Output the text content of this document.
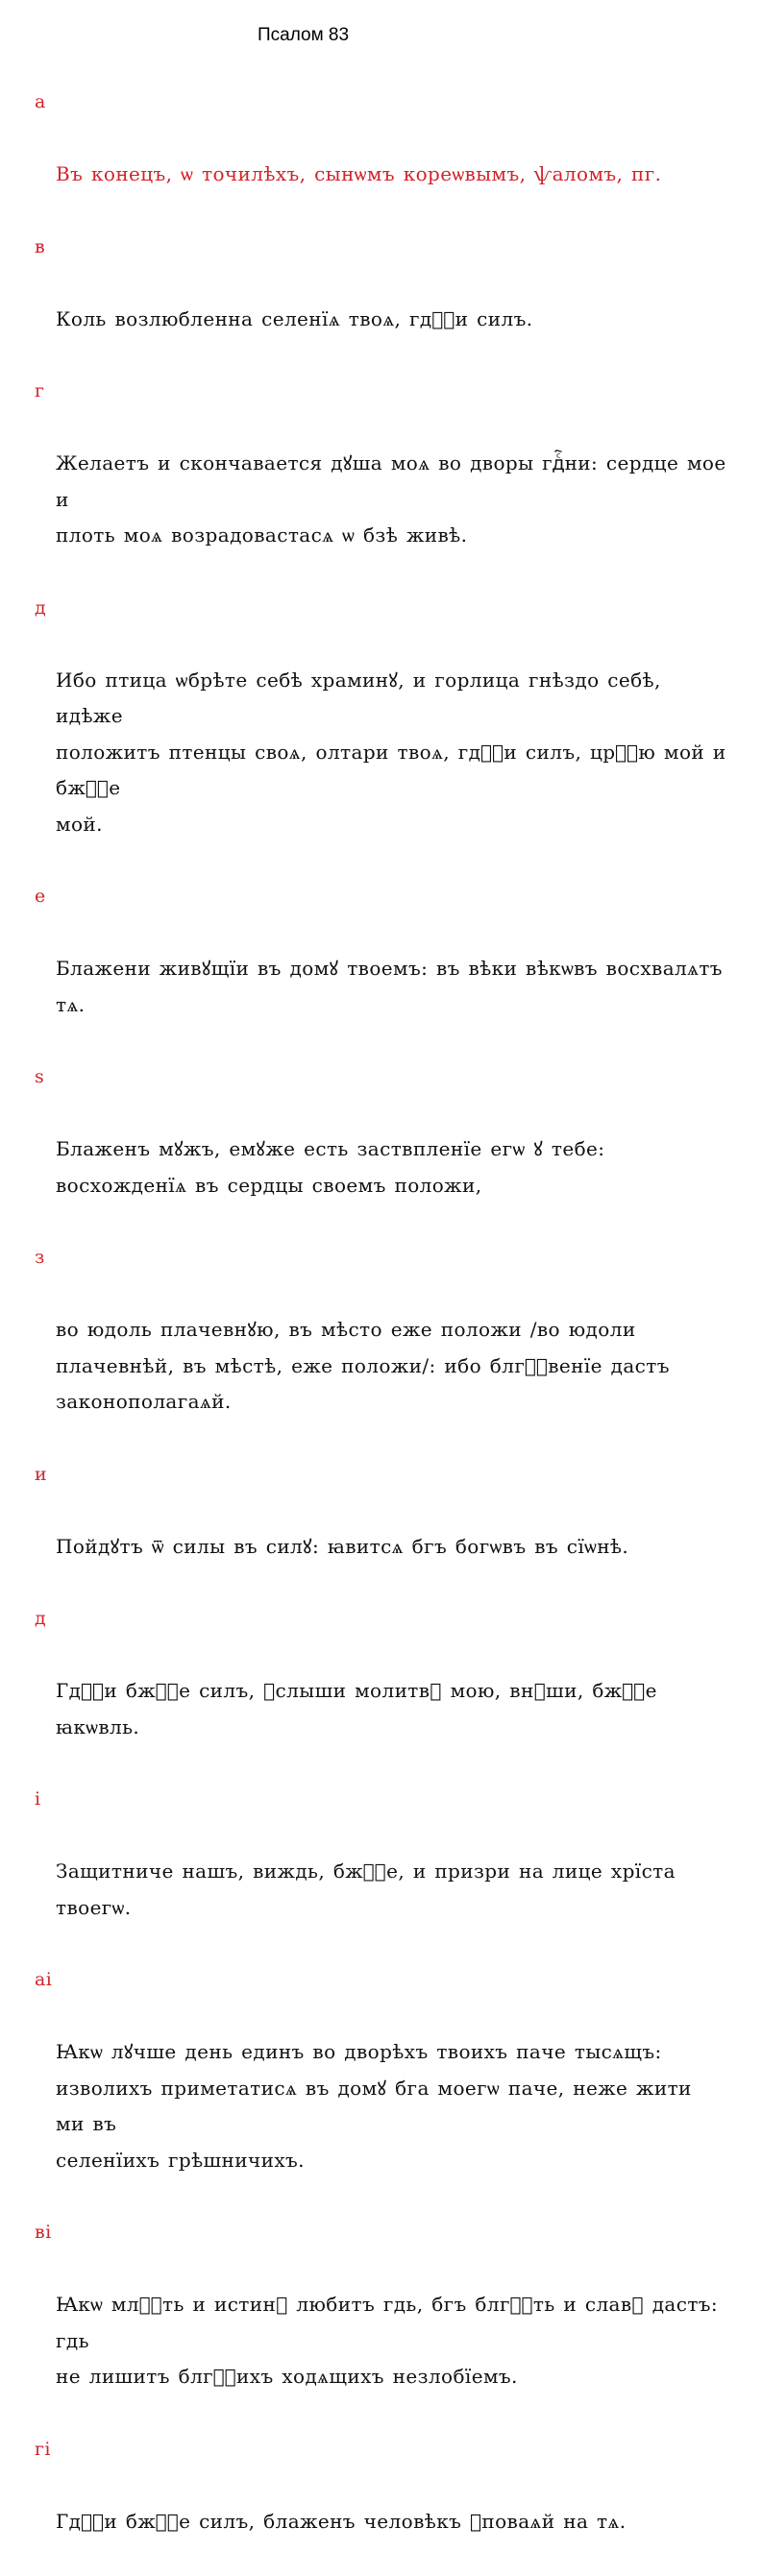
Псалом 83

а

Въ конецъ, ѡ точилѣхъ, сынѡмъ кореѡвымъ, ѱаломъ, пг.

в

Коль возлюбленна селенїѧ твоѧ, гдⷭ҇и силъ.

г

Желаетъ и скончавается дꙋша моѧ во дворы гдⷭ҇ни: сердце мое и
плоть моѧ возрадовастасѧ ѡ бзѣ живѣ.

д

Ибо птица ѡбрѣте себѣ храминꙋ, и горлица гнѣздо себѣ, идѣже
положитъ птенцы своѧ, олтари твоѧ, гдⷭ҇и силъ, црⷭ҇ю мой и бжⷭ҇е
мой.

е

Блажени живꙋщїи въ домꙋ твоемъ: въ вѣки вѣкѡвъ восхвалѧтъ
тѧ.

ѕ

Блаженъ мꙋжъ, емꙋже есть заствпленїе егѡ ꙋ тебе:
восхожденїѧ въ сердцы своемъ положи,

з

во юдоль плачевнꙋю, въ мѣсто еже положи /во юдоли
плачевнѣй, въ мѣстѣ, еже положи/: ибо блгⷭ҇венїе дастъ
законополагаѧй.

и

Пойдꙋтъ ѿ силы въ силꙋ: ꙗвитсѧ бгъ богѡвъ въ сїѡнѣ.

д

Гдⷭ҇и бжⷭ҇е силъ, ꙋслыши молитвꙋ мою, внꙋши, бжⷭ҇е ꙗкѡвль.

і

Защитниче нашъ, виждь, бжⷭ҇е, и призри на лице хрїста твоегѡ.

аі

Ꙗкѡ лꙋчше день единъ во дворѣхъ твоихъ паче тысѧщъ:
изволихъ приметатисѧ въ домꙋ бга моегѡ паче, неже жити ми въ
селенїихъ грѣшничихъ.

ві

Ꙗкѡ млⷭ҇ть и истинꙋ любитъ гдь, бгъ блгⷭ҇ть и славꙋ дастъ: гдь
не лишитъ блгⷭ҇ихъ ходѧщихъ незлобїемъ.

гі

Гдⷭ҇и бжⷭ҇е силъ, блаженъ человѣкъ ꙋповаѧй на тѧ.
